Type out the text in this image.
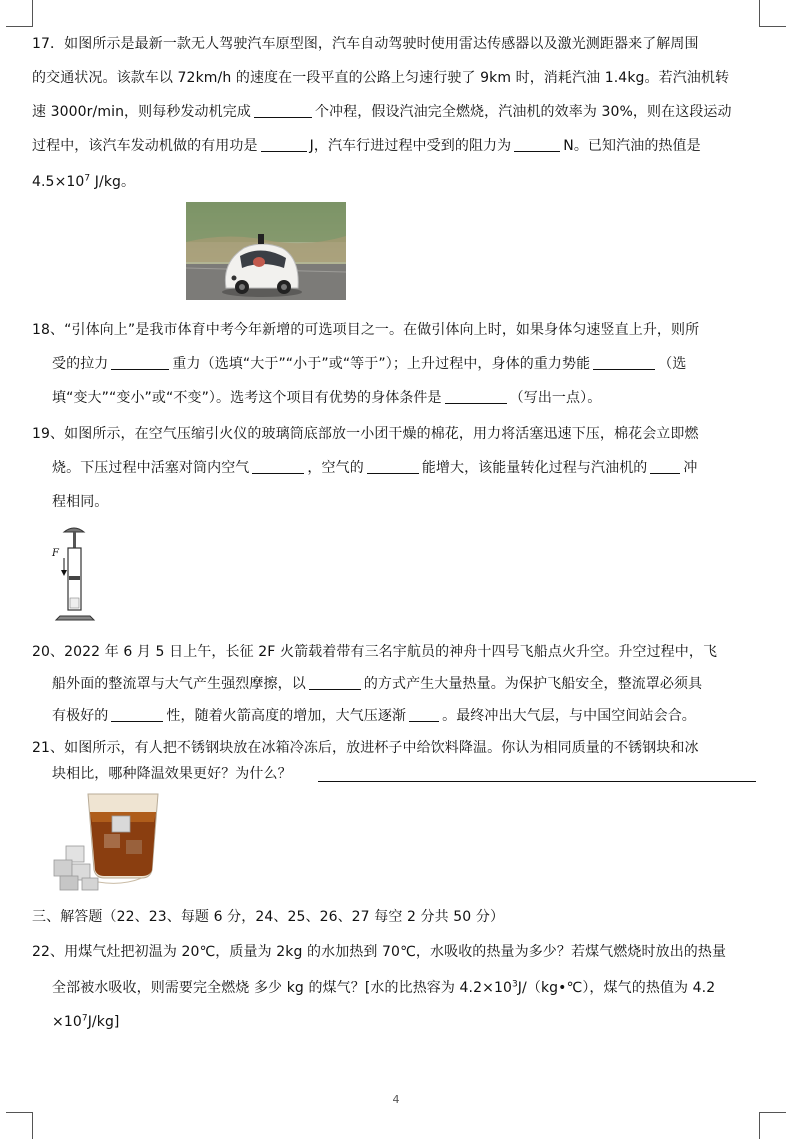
17．如图所示是最新一款无人驾驶汽车原型图，汽车自动驾驶时使用雷达传感器以及激光测距器来了解周围
的交通状况。该款车以 72km/h 的速度在一段平直的公路上匀速行驶了 9km 时，消耗汽油 1.4kg。若汽油机转
速 3000r/min，则每秒发动机完成	个冲程，假设汽油完全燃烧，汽油机的效率为 30%，则在这段运动
过程中，该汽车发动机做的有用功是	J，汽车行进过程中受到的阻力为	N。已知汽油的热值是
$4.5\times 10^7$ J/kg。
18、“引体向上”是我市体育中考今年新增的可选项目之一。在做引体向上时，如果身体匀速竖直上升，则所
受的拉力	重力（选填“大于”“小于”或“等于”）；上升过程中，身体的重力势能	（选
填“变大”“变小”或“不变”）。选考这个项目有优势的身体条件是	（写出一点）。
19、如图所示，在空气压缩引火仪的玻璃筒底部放一小团干燥的棉花，用力将活塞迅速下压，棉花会立即燃
烧。下压过程中活塞对筒内空气	，空气的	能增大，该能量转化过程与汽油机的	冲
程相同。
F
20、2022 年 6 月 5 日上午，长征 2F 火箭载着带有三名宇航员的神舟十四号飞船点火升空。升空过程中，飞
船外面的整流罩与大气产生强烈摩擦，以	的方式产生大量热量。为保护飞船安全，整流罩必须具
有极好的	性，随着火箭高度的增加，大气压逐渐	。最终冲出大气层，与中国空间站会合。
21、如图所示，有人把不锈钢块放在冰箱冷冻后，放进杯子中给饮料降温。你认为相同质量的不锈钢块和冰
块相比，哪种降温效果更好？为什么？
三、解答题（22、23、每题 6 分，24、25、26、27 每空 2 分共 50 分）
22、用煤气灶把初温为 20℃，质量为 2kg 的水加热到 70℃，水吸收的热量为多少？若煤气燃烧时放出的热量
全部被水吸收，则需要完全燃烧 多少 kg 的煤气？[水的比热容为 $4.2\times 10^3J/(kg•℃)$，煤气的热值为 4.2
$\times 10^7J/kg$]
4
